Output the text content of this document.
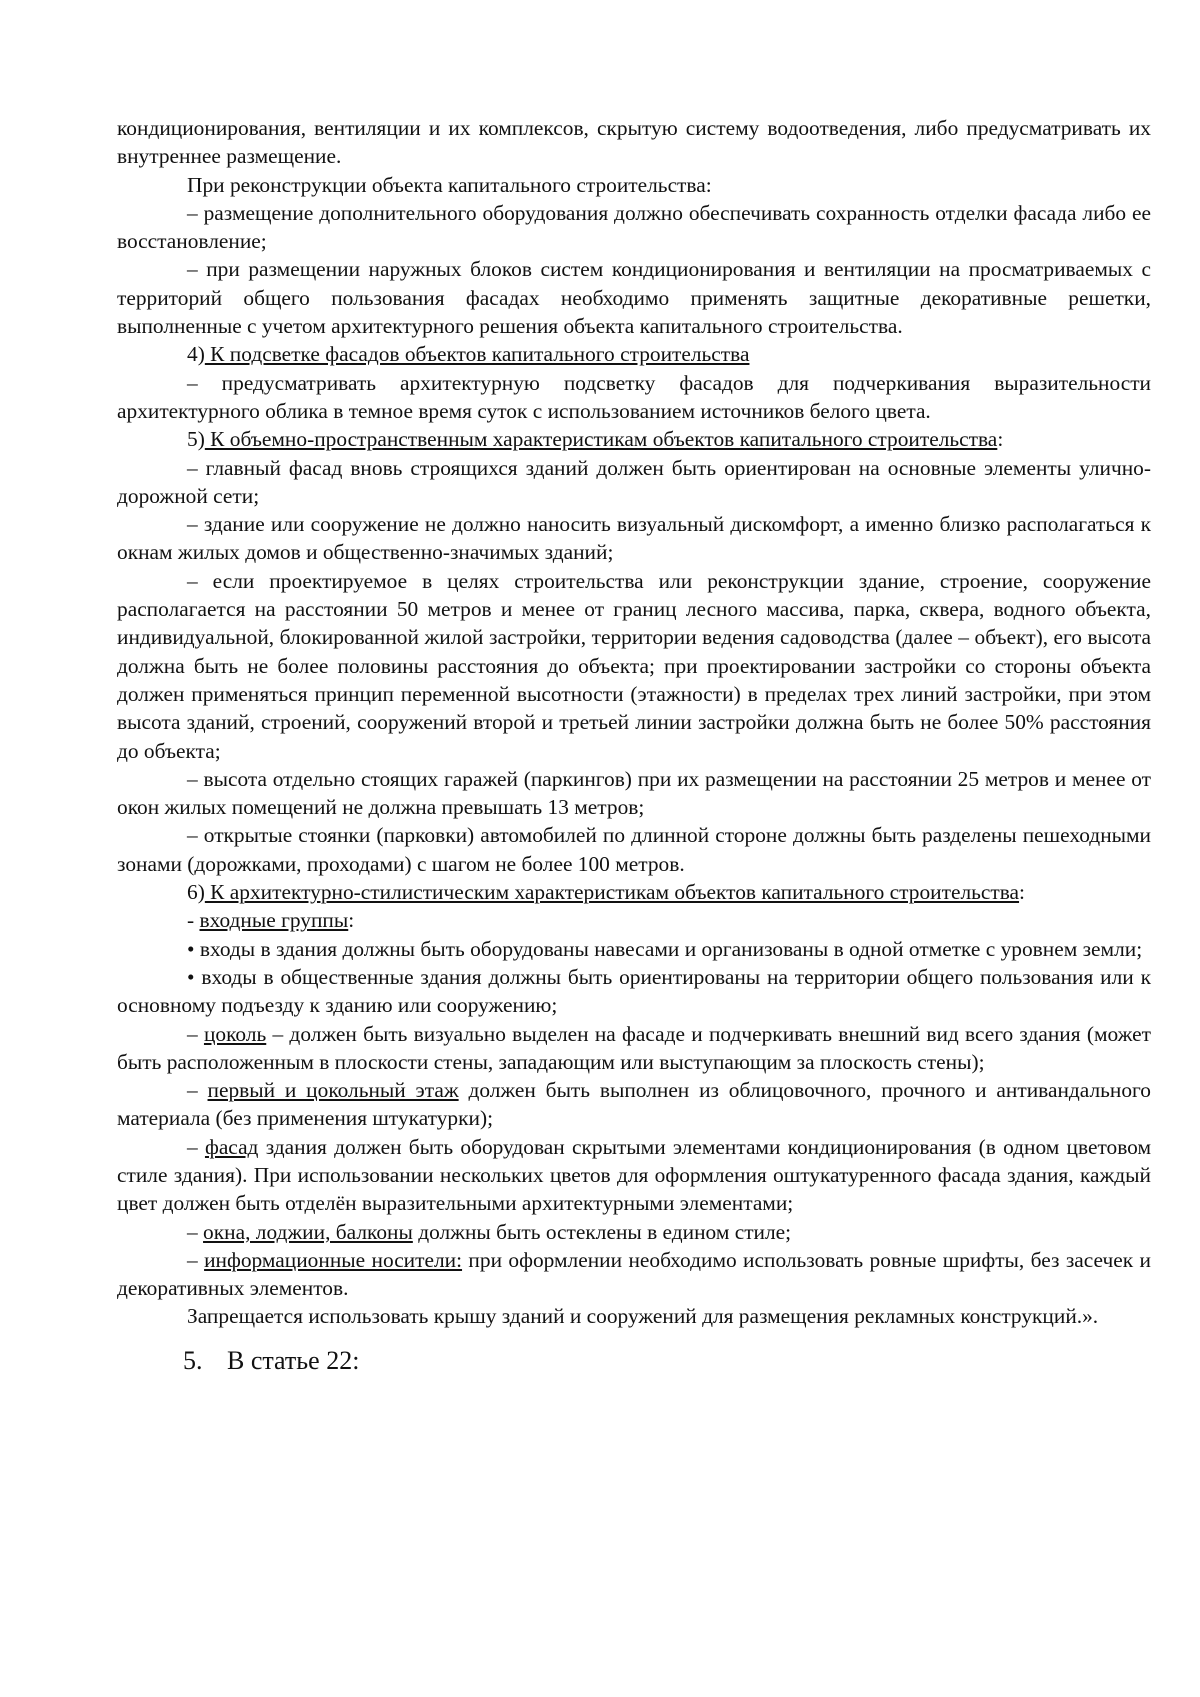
кондиционирования, вентиляции и их комплексов, скрытую систему водоотведения, либо предусматривать их внутреннее размещение.

При реконструкции объекта капитального строительства:

– размещение дополнительного оборудования должно обеспечивать сохранность отделки фасада либо ее восстановление;

– при размещении наружных блоков систем кондиционирования и вентиляции на просматриваемых с территорий общего пользования фасадах необходимо применять защитные декоративные решетки, выполненные с учетом архитектурного решения объекта капитального строительства.

4) К подсветке фасадов объектов капитального строительства

– предусматривать архитектурную подсветку фасадов для подчеркивания выразительности архитектурного облика в темное время суток с использованием источников белого цвета.

5) К объемно-пространственным характеристикам объектов капитального строительства:

– главный фасад вновь строящихся зданий должен быть ориентирован на основные элементы улично-дорожной сети;

– здание или сооружение не должно наносить визуальный дискомфорт, а именно близко располагаться к окнам жилых домов и общественно-значимых зданий;

– если проектируемое в целях строительства или реконструкции здание, строение, сооружение располагается на расстоянии 50 метров и менее от границ лесного массива, парка, сквера, водного объекта, индивидуальной, блокированной жилой застройки, территории ведения садоводства (далее – объект), его высота должна быть не более половины расстояния до объекта; при проектировании застройки со стороны объекта должен применяться принцип переменной высотности (этажности) в пределах трех линий застройки, при этом высота зданий, строений, сооружений второй и третьей линии застройки должна быть не более 50% расстояния до объекта;

– высота отдельно стоящих гаражей (паркингов) при их размещении на расстоянии 25 метров и менее от окон жилых помещений не должна превышать 13 метров;

– открытые стоянки (парковки) автомобилей по длинной стороне должны быть разделены пешеходными зонами (дорожками, проходами) с шагом не более 100 метров.

6) К архитектурно-стилистическим характеристикам объектов капитального строительства:

- входные группы:

• входы в здания должны быть оборудованы навесами и организованы в одной отметке с уровнем земли;

• входы в общественные здания должны быть ориентированы на территории общего пользования или к основному подъезду к зданию или сооружению;

– цоколь – должен быть визуально выделен на фасаде и подчеркивать внешний вид всего здания (может быть расположенным в плоскости стены, западающим или выступающим за плоскость стены);

– первый и цокольный этаж должен быть выполнен из облицовочного, прочного и антивандального материала (без применения штукатурки);

– фасад здания должен быть оборудован скрытыми элементами кондиционирования (в одном цветовом стиле здания). При использовании нескольких цветов для оформления оштукатуренного фасада здания, каждый цвет должен быть отделён выразительными архитектурными элементами;

– окна, лоджии, балконы должны быть остеклены в едином стиле;

– информационные носители: при оформлении необходимо использовать ровные шрифты, без засечек и декоративных элементов.

Запрещается использовать крышу зданий и сооружений для размещения рекламных конструкций.».

5. В статье 22:
